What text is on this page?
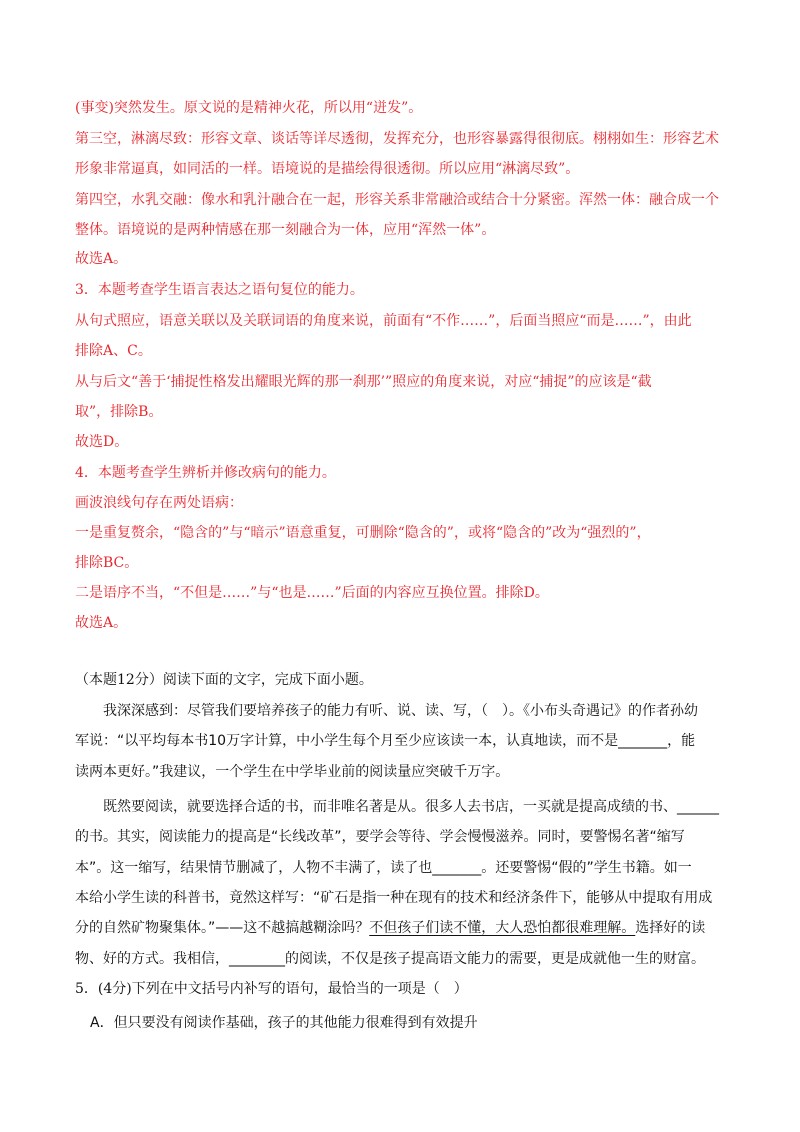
(事变)突然发生。原文说的是精神火花，所以用“迸发”。
第三空，淋漓尽致：形容文章、谈话等详尽透彻，发挥充分，也形容暴露得很彻底。栩栩如生：形容艺术
形象非常逼真，如同活的一样。语境说的是描绘得很透彻。所以应用“淋漓尽致”。
第四空，水乳交融：像水和乳汁融合在一起，形容关系非常融洽或结合十分紧密。浑然一体：融合成一个
整体。语境说的是两种情感在那一刻融合为一体，应用“浑然一体”。
故选A。
3．本题考查学生语言表达之语句复位的能力。
从句式照应，语意关联以及关联词语的角度来说，前面有“不作……”，后面当照应“而是……”，由此
排除A、C。
从与后文“善于‘捕捉性格发出耀眼光辉的那一刹那’”照应的角度来说，对应“捕捉”的应该是“截
取”，排除B。
故选D。
4．本题考查学生辨析并修改病句的能力。
画波浪线句存在两处语病：
一是重复赘余，“隐含的”与“暗示”语意重复，可删除“隐含的”，或将“隐含的”改为“强烈的”，
排除BC。
二是语序不当，“不但是……”与“也是……”后面的内容应互换位置。排除D。
故选A。
（本题12分）阅读下面的文字，完成下面小题。
我深深感到：尽管我们要培养孩子的能力有听、说、读、写，（　）。《小布头奇遇记》的作者孙幼
军说：“以平均每本书10万字计算，中小学生每个月至少应该读一本，认真地读，而不是_______，能
读两本更好。”我建议，一个学生在中学毕业前的阅读量应突破千万字。
既然要阅读，就要选择合适的书，而非唯名著是从。很多人去书店，一买就是提高成绩的书、______
的书。其实，阅读能力的提高是“长线改革”，要学会等待、学会慢慢滋养。同时，要警惕名著“缩写
本”。这一缩写，结果情节删减了，人物不丰满了，读了也_______。还要警惕“假的”学生书籍。如一
本给小学生读的科普书，竟然这样写：“矿石是指一种在现有的技术和经济条件下，能够从中提取有用成
分的自然矿物聚集体。”——这不越搞越糊涂吗？不但孩子们读不懂，大人恐怕都很难理解。选择好的读
物、好的方式。我相信，________的阅读，不仅是孩子提高语文能力的需要，更是成就他一生的财富。
5．(4分)下列在中文括号内补写的语句，最恰当的一项是（　）
A．但只要没有阅读作基础，孩子的其他能力很难得到有效提升
